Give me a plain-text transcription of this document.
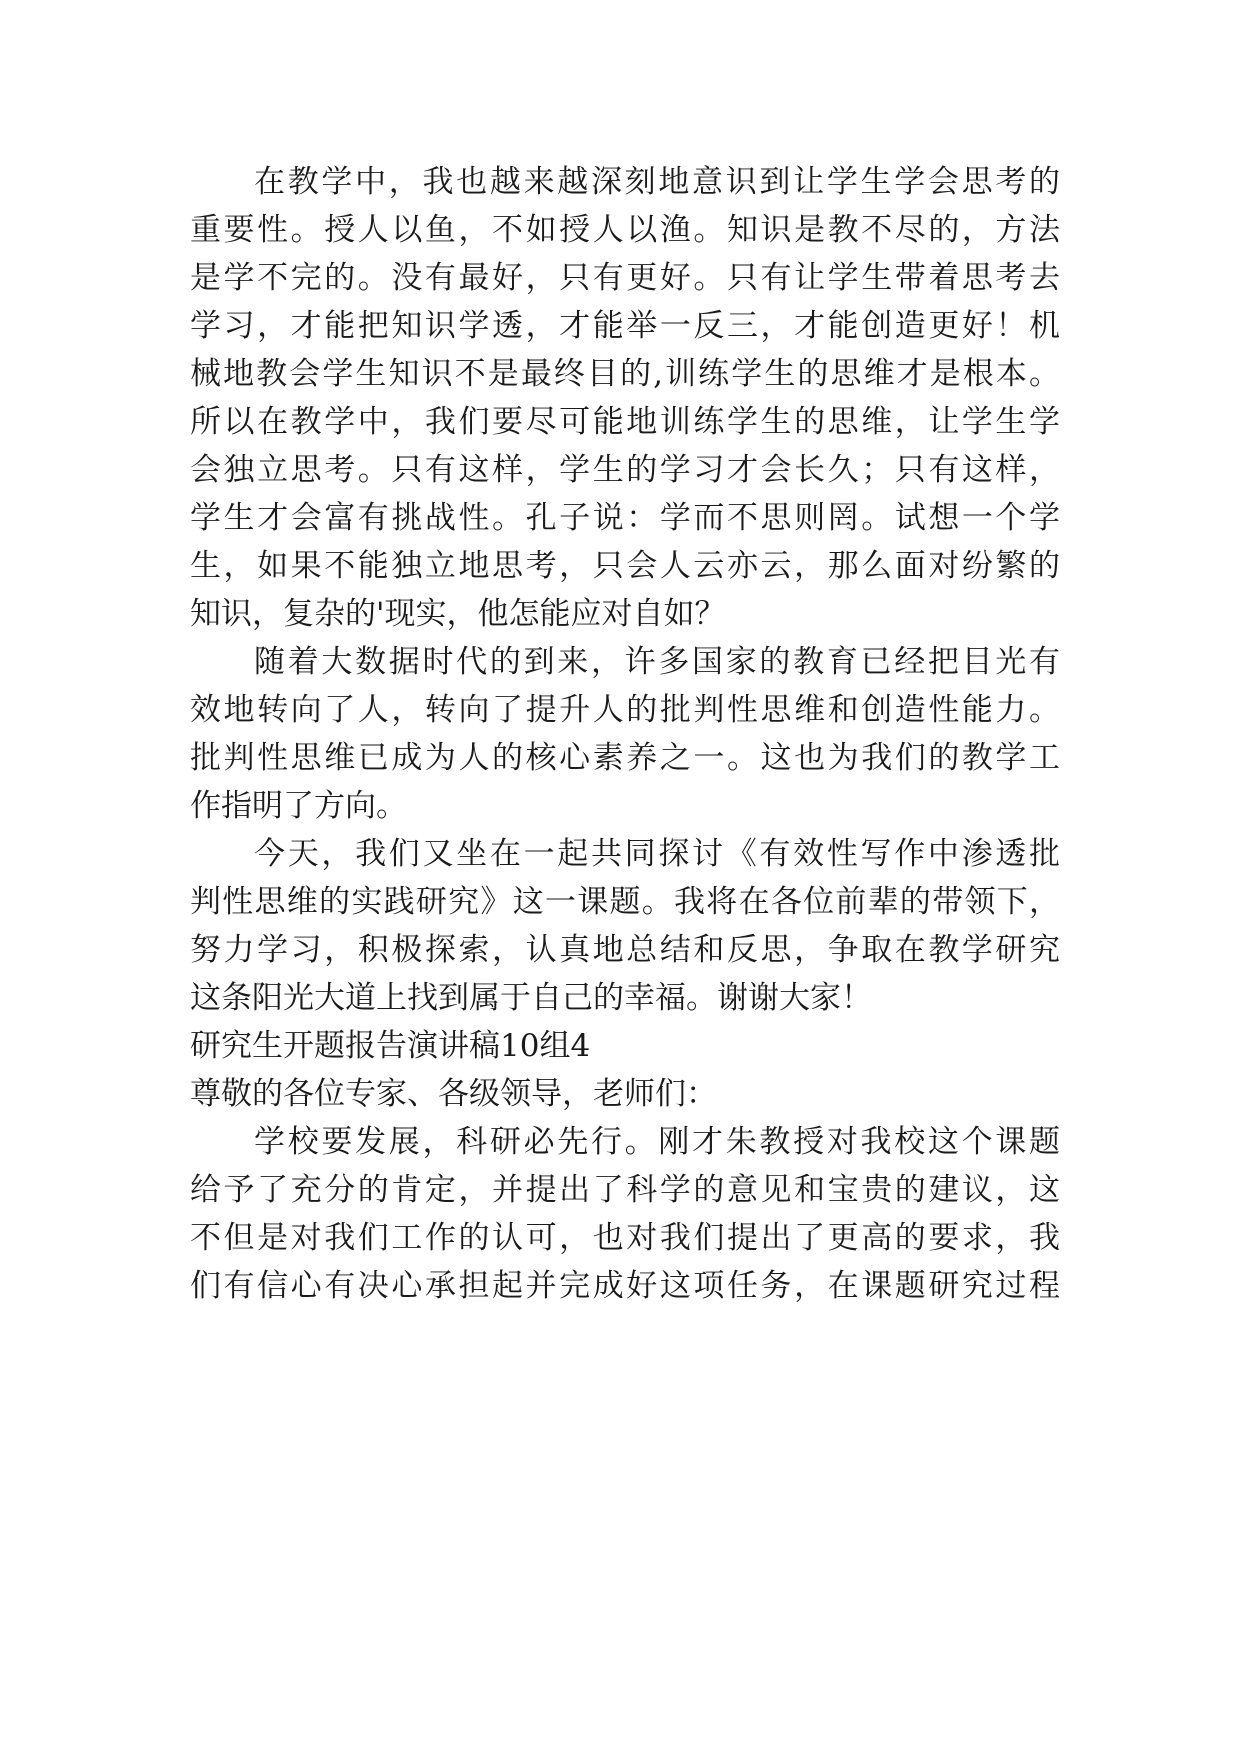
在教学中，我也越来越深刻地意识到让学生学会思考的
重要性。授人以鱼，不如授人以渔。知识是教不尽的，方法
是学不完的。没有最好，只有更好。只有让学生带着思考去
学习，才能把知识学透，才能举一反三，才能创造更好！机
械地教会学生知识不是最终目的,训练学生的思维才是根本。
所以在教学中，我们要尽可能地训练学生的思维，让学生学
会独立思考。只有这样，学生的学习才会长久；只有这样，
学生才会富有挑战性。孔子说：学而不思则罔。试想一个学
生，如果不能独立地思考，只会人云亦云，那么面对纷繁的
知识，复杂的'现实，他怎能应对自如？
随着大数据时代的到来，许多国家的教育已经把目光有
效地转向了人，转向了提升人的批判性思维和创造性能力。
批判性思维已成为人的核心素养之一。这也为我们的教学工
作指明了方向。
今天，我们又坐在一起共同探讨《有效性写作中渗透批
判性思维的实践研究》这一课题。我将在各位前辈的带领下，
努力学习，积极探索，认真地总结和反思，争取在教学研究
这条阳光大道上找到属于自己的幸福。谢谢大家！
研究生开题报告演讲稿10组4
尊敬的各位专家、各级领导，老师们：
学校要发展，科研必先行。刚才朱教授对我校这个课题
给予了充分的肯定，并提出了科学的意见和宝贵的建议，这
不但是对我们工作的认可，也对我们提出了更高的要求，我
们有信心有决心承担起并完成好这项任务，在课题研究过程
